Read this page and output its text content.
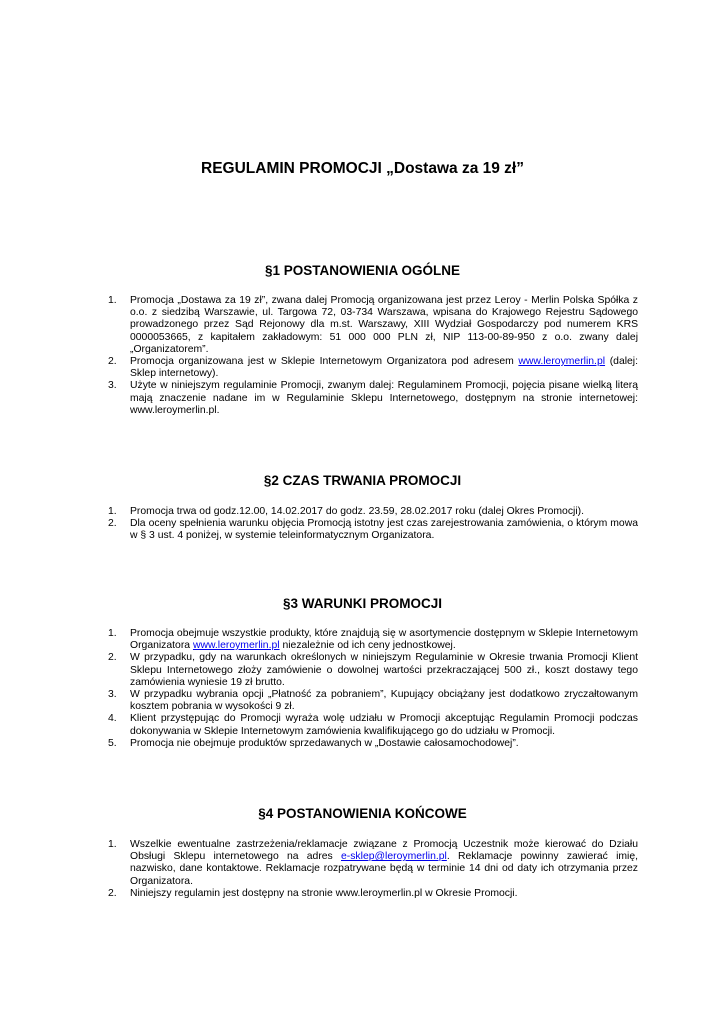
REGULAMIN PROMOCJI „Dostawa za 19 zł”
§1 POSTANOWIENIA OGÓLNE
1.	Promocja „Dostawa za 19 zł”, zwana dalej Promocją organizowana jest przez Leroy - Merlin Polska Spółka z o.o. z siedzibą Warszawie, ul. Targowa 72, 03-734 Warszawa, wpisana do Krajowego Rejestru Sądowego prowadzonego przez Sąd Rejonowy dla m.st. Warszawy, XIII Wydział Gospodarczy pod numerem KRS 0000053665, z kapitałem zakładowym: 51 000 000 PLN zł, NIP 113-00-89-950 z o.o. zwany dalej „Organizatorem”.
2.	Promocja organizowana jest w Sklepie Internetowym Organizatora pod adresem www.leroymerlin.pl (dalej: Sklep internetowy).
3.	Użyte w niniejszym regulaminie Promocji, zwanym dalej: Regulaminem Promocji, pojęcia pisane wielką literą mają znaczenie nadane im w Regulaminie Sklepu Internetowego, dostępnym na stronie internetowej: www.leroymerlin.pl.
§2 CZAS TRWANIA PROMOCJI
1.	Promocja trwa od godz.12.00, 14.02.2017 do godz. 23.59, 28.02.2017 roku (dalej Okres Promocji).
2.	Dla oceny spełnienia warunku objęcia Promocją istotny jest czas zarejestrowania zamówienia, o którym mowa w § 3 ust. 4 poniżej, w systemie teleinformatycznym Organizatora.
§3 WARUNKI PROMOCJI
1.	Promocja obejmuje wszystkie produkty, które znajdują się w asortymencie dostępnym w Sklepie Internetowym Organizatora www.leroymerlin.pl niezależnie od ich ceny jednostkowej.
2.	W przypadku, gdy na warunkach określonych w niniejszym Regulaminie w Okresie trwania Promocji Klient Sklepu Internetowego złoży zamówienie o dowolnej wartości przekraczającej 500 zł., koszt dostawy tego zamówienia wyniesie 19 zł brutto.
3.	W przypadku wybrania opcji „Płatność za pobraniem”, Kupujący obciążany jest dodatkowo zryczałtowanym kosztem pobrania w wysokości 9 zł.
4.	Klient przystępując do Promocji wyraża wolę udziału w Promocji akceptując Regulamin Promocji podczas dokonywania w Sklepie Internetowym zamówienia kwalifikującego go do udziału w Promocji.
5.	Promocja nie obejmuje produktów sprzedawanych w „Dostawie całosamochodowej”.
§4 POSTANOWIENIA KOŃCOWE
1.	Wszelkie ewentualne zastrzeżenia/reklamacje związane z Promocją Uczestnik może kierować do Działu Obsługi Sklepu internetowego na adres e-sklep@leroymerlin.pl. Reklamacje powinny zawierać imię, nazwisko, dane kontaktowe. Reklamacje rozpatrywane będą w terminie 14 dni od daty ich otrzymania przez Organizatora.
2.	Niniejszy regulamin jest dostępny na stronie www.leroymerlin.pl w Okresie Promocji.
